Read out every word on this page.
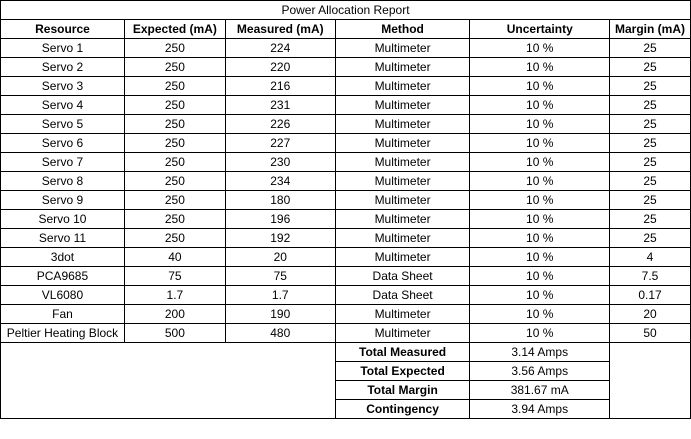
Power Allocation Report					
Resource	Expected (mA)	Measured (mA)	Method	Uncertainty	Margin (mA)
Servo 1	250	224	Multimeter	10 %	25
Servo 2	250	220	Multimeter	10 %	25
Servo 3	250	216	Multimeter	10 %	25
Servo 4	250	231	Multimeter	10 %	25
Servo 5	250	226	Multimeter	10 %	25
Servo 6	250	227	Multimeter	10 %	25
Servo 7	250	230	Multimeter	10 %	25
Servo 8	250	234	Multimeter	10 %	25
Servo 9	250	180	Multimeter	10 %	25
Servo 10	250	196	Multimeter	10 %	25
Servo 11	250	192	Multimeter	10 %	25
3dot	40	20	Multimeter	10 %	4
PCA9685	75	75	Data Sheet	10 %	7.5
VL6080	1.7	1.7	Data Sheet	10 %	0.17
Fan	200	190	Multimeter	10 %	20
Peltier Heating Block	500	480	Multimeter	10 %	50
			Total Measured	3.14 Amps	
			Total Expected	3.56 Amps	
			Total Margin	381.67 mA	
			Contingency	3.94 Amps	
